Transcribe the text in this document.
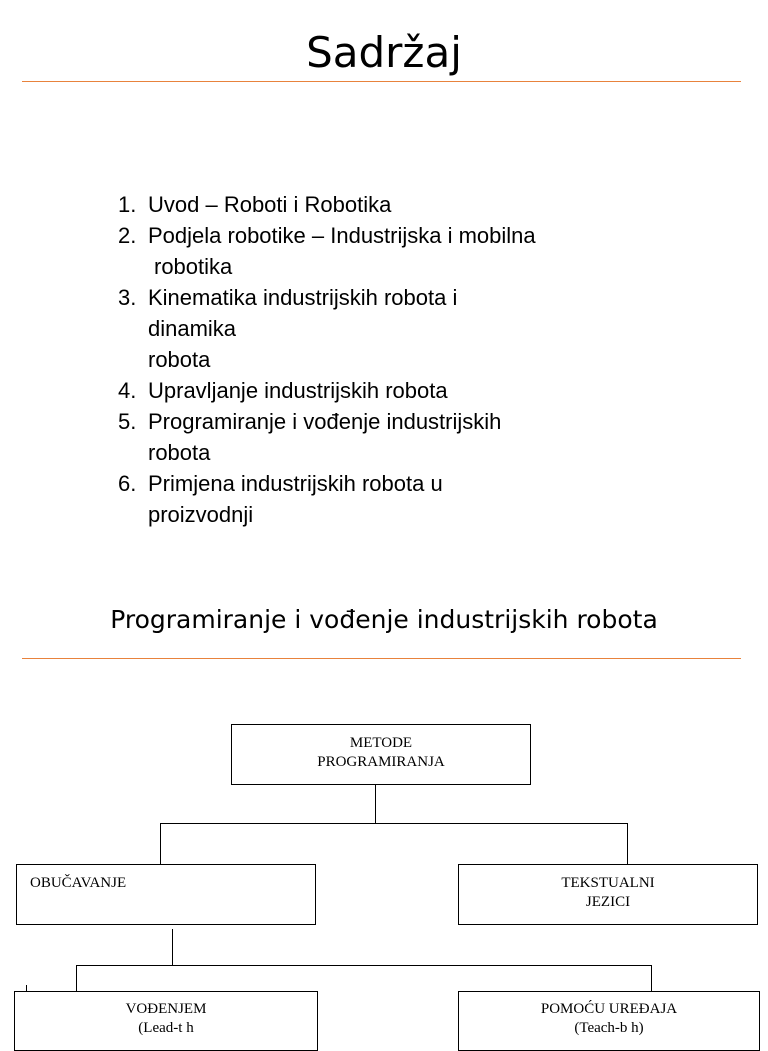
Sadržaj
1. Uvod – Roboti i Robotika
2. Podjela robotike – Industrijska i mobilna
robotika
3. Kinematika industrijskih robota i
dinamika
robota
4. Upravljanje industrijskih robota
5. Programiranje i vođenje industrijskih
robota
6. Primjena industrijskih robota u
proizvodnji
Programiranje i vođenje industrijskih robota
METODE
PROGRAMIRANJA
OBUČAVANJE	TEKSTUALNI
JEZICI
VOĐENJEM
(Lead-t h
POMOĆU UREĐAJA
(Teach-b h)
